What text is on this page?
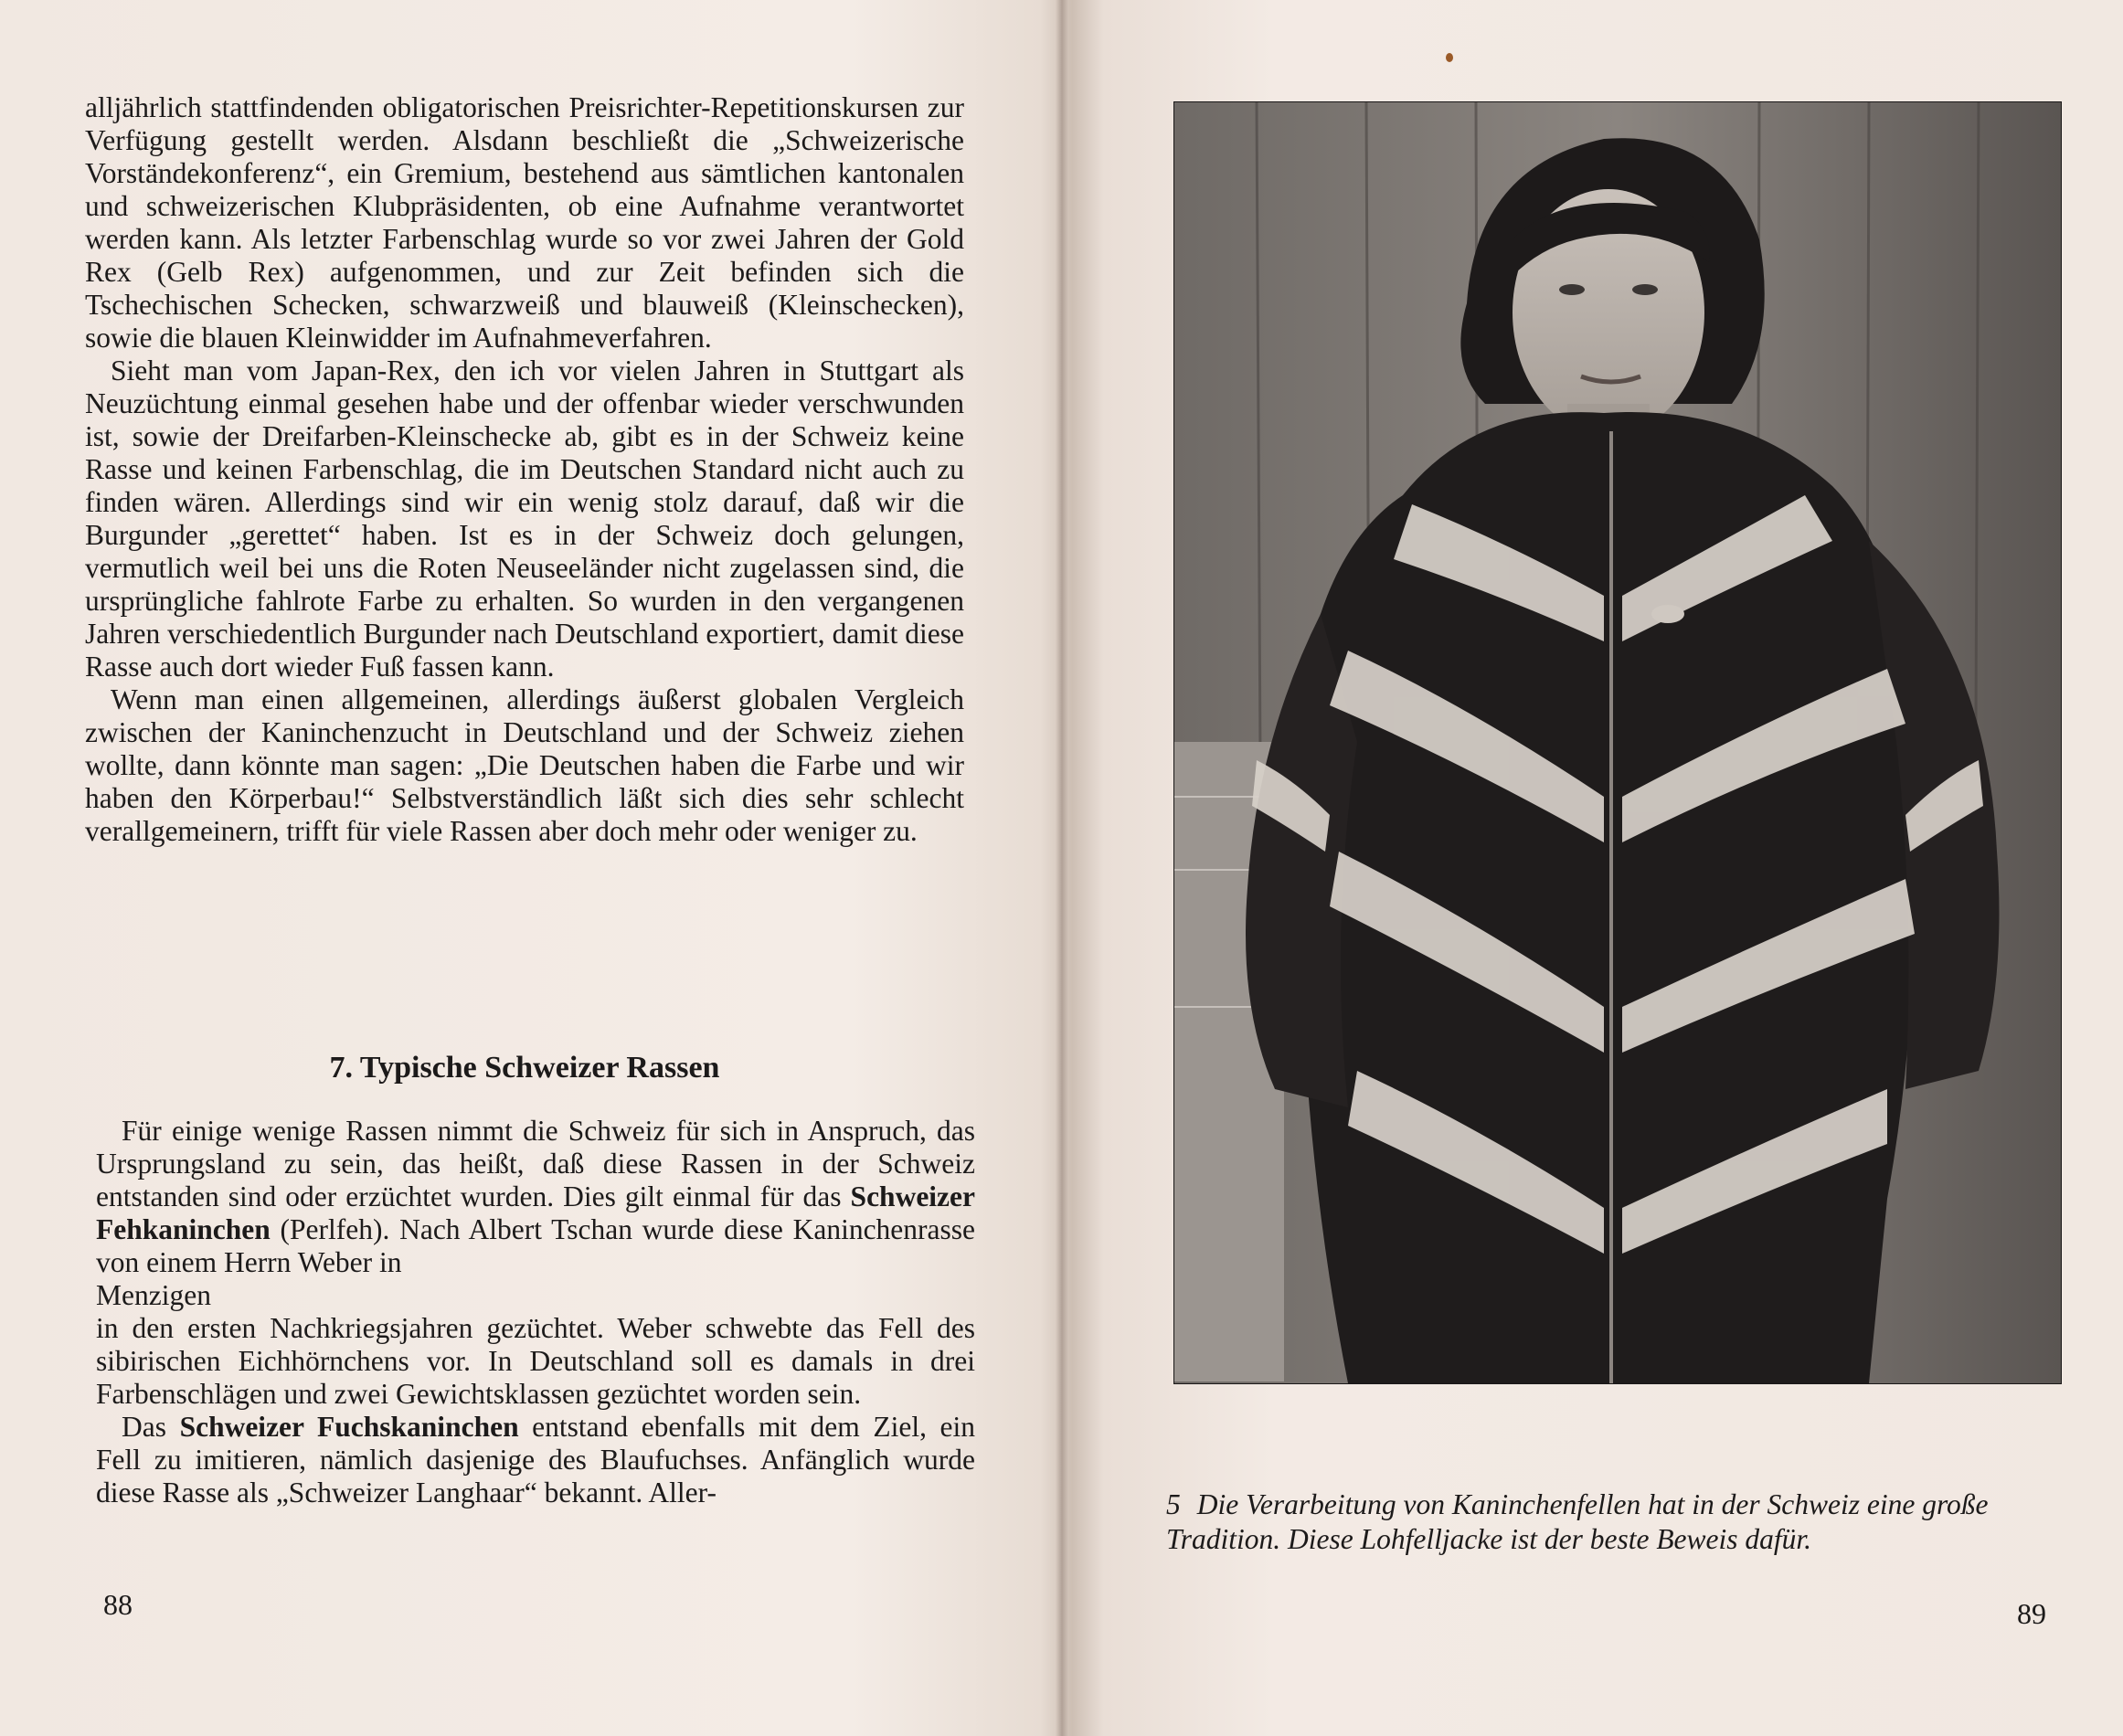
alljährlich stattfindenden obligatorischen Preisrichter-Repetitionskursen zur Verfügung gestellt werden. Alsdann beschließt die „Schweizerische Vorständekonferenz“, ein Gremium, bestehend aus sämtlichen kantonalen und schweizerischen Klubpräsidenten, ob eine Aufnahme verantwortet werden kann. Als letzter Farbenschlag wurde so vor zwei Jahren der Gold Rex (Gelb Rex) aufgenommen, und zur Zeit befinden sich die Tschechischen Schecken, schwarzweiß und blauweiß (Kleinschecken), sowie die blauen Kleinwidder im Aufnahmeverfahren.

Sieht man vom Japan-Rex, den ich vor vielen Jahren in Stuttgart als Neuzüchtung einmal gesehen habe und der offenbar wieder verschwunden ist, sowie der Dreifarben-Kleinschecke ab, gibt es in der Schweiz keine Rasse und keinen Farbenschlag, die im Deutschen Standard nicht auch zu finden wären. Allerdings sind wir ein wenig stolz darauf, daß wir die Burgunder „gerettet“ haben. Ist es in der Schweiz doch gelungen, vermutlich weil bei uns die Roten Neuseeländer nicht zugelassen sind, die ursprüngliche fahlrote Farbe zu erhalten. So wurden in den vergangenen Jahren verschiedentlich Burgunder nach Deutschland exportiert, damit diese Rasse auch dort wieder Fuß fassen kann.

Wenn man einen allgemeinen, allerdings äußerst globalen Vergleich zwischen der Kaninchenzucht in Deutschland und der Schweiz ziehen wollte, dann könnte man sagen: „Die Deutschen haben die Farbe und wir haben den Körperbau!“ Selbstverständlich läßt sich dies sehr schlecht verallgemeinern, trifft für viele Rassen aber doch mehr oder weniger zu.

7. Typische Schweizer Rassen

Für einige wenige Rassen nimmt die Schweiz für sich in Anspruch, das Ursprungsland zu sein, das heißt, daß diese Rassen in der Schweiz entstanden sind oder erzüchtet wurden. Dies gilt einmal für das Schweizer Fehkaninchen (Perlfeh). Nach Albert Tschan wurde diese Kaninchenrasse von einem Herrn Weber in

Menzigen

in den ersten Nachkriegsjahren gezüchtet. Weber schwebte das Fell des sibirischen Eichhörnchens vor. In Deutschland soll es damals in drei Farbenschlägen und zwei Gewichtsklassen gezüchtet worden sein.

Das Schweizer Fuchskaninchen entstand ebenfalls mit dem Ziel, ein Fell zu imitieren, nämlich dasjenige des Blaufuchses. Anfänglich wurde diese Rasse als „Schweizer Langhaar“ bekannt. Aller-

88
5 Die Verarbeitung von Kaninchenfellen hat in der Schweiz eine große Tradition. Diese Lohfelljacke ist der beste Beweis dafür.
89
